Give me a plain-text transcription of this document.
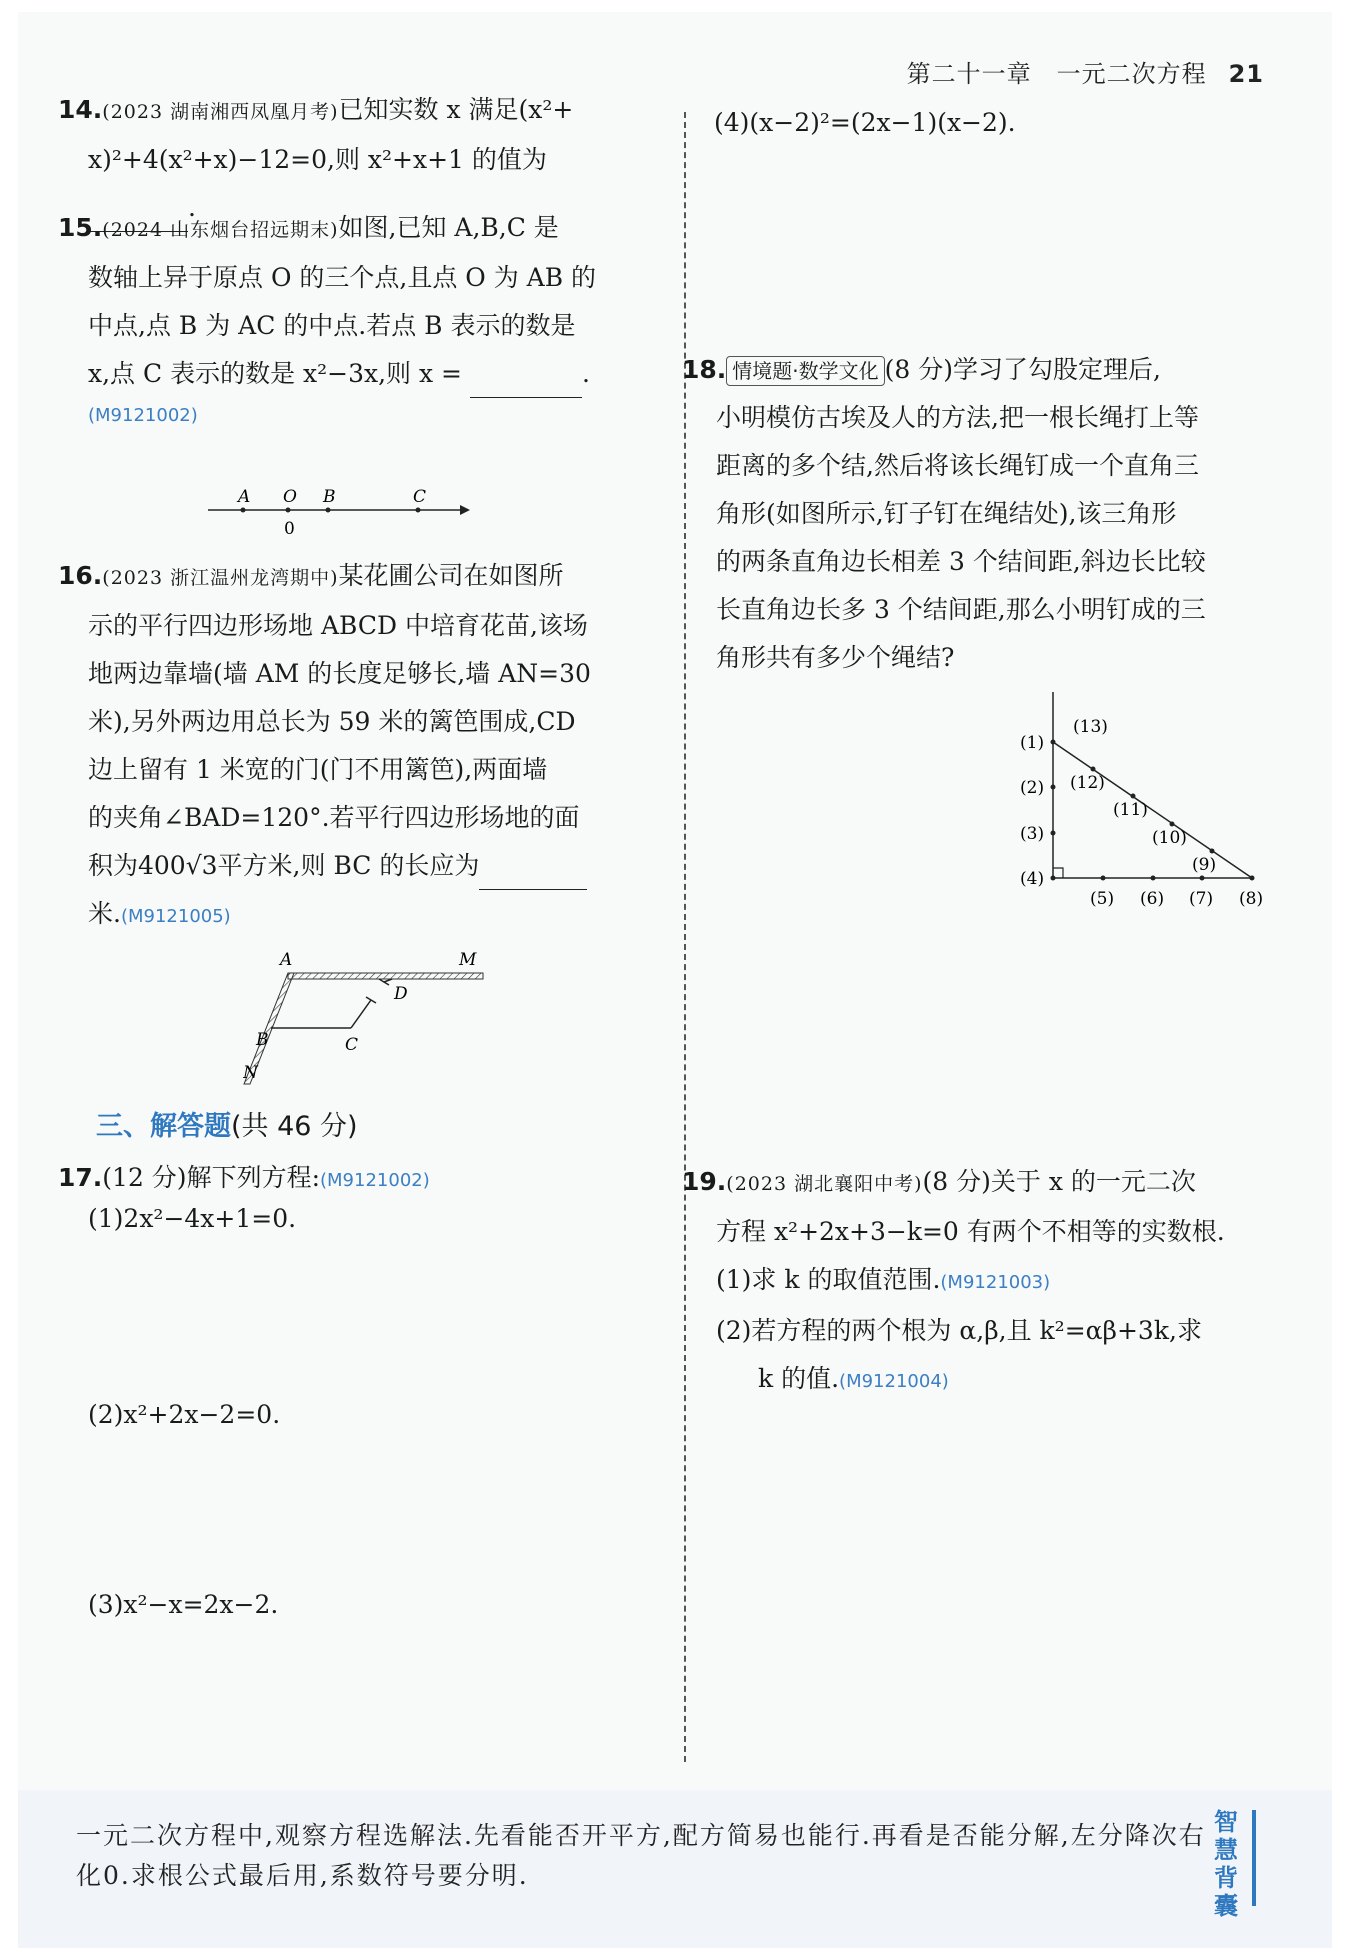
第二十一章　一元二次方程 21
14.(2023 湖南湘西凤凰月考)已知实数 x 满足(x²+
x)²+4(x²+x)−12=0,则 x²+x+1 的值为
.
15.(2024 山东烟台招远期末)如图,已知 A,B,C 是
数轴上异于原点 O 的三个点,且点 O 为 AB 的
中点,点 B 为 AC 的中点.若点 B 表示的数是
x,点 C 表示的数是 x²−3x,则 x =	.
(M9121002)
A O B	C
0
16.(2023 浙江温州龙湾期中)某花圃公司在如图所
示的平行四边形场地 ABCD 中培育花苗,该场
地两边靠墙(墙 AM 的长度足够长,墙 AN=30
米),另外两边用总长为 59 米的篱笆围成,CD
边上留有 1 米宽的门(门不用篱笆),两面墙
的夹角∠BAD=120°.若平行四边形场地的面
积为400√3平方米,则 BC 的长应为
米.(M9121005)
A	M
D
N
B	C
三、解答题(共 46 分)
17.(12 分)解下列方程:(M9121002)
(1)2x²−4x+1=0.
(2)x²+2x−2=0.
(3)x²−x=2x−2.
(4)(x−2)²=(2x−1)(x−2).
18. 情境题·数学文化 (8 分)学习了勾股定理后,
小明模仿古埃及人的方法,把一根长绳打上等
距离的多个结,然后将该长绳钉成一个直角三
角形(如图所示,钉子钉在绳结处),该三角形
的两条直角边长相差 3 个结间距,斜边长比较
长直角边长多 3 个结间距,那么小明钉成的三
角形共有多少个绳结?
(1)
(2)
(3)
(4)
(5) (6) (7) (8)
(9)
(10)
(11)
(12)
(13)
19.(2023 湖北襄阳中考)(8 分)关于 x 的一元二次
方程 x²+2x+3−k=0 有两个不相等的实数根.
(1)求 k 的取值范围.(M9121003)
(2)若方程的两个根为 α,β,且 k²=αβ+3k,求
k 的值.(M9121004)
一元二次方程中,观察方程选解法.先看能否开平方,配方简易也能行.再看是否能分解,左分降次右化0.求根公式最后用,系数符号要分明.
智慧背囊
